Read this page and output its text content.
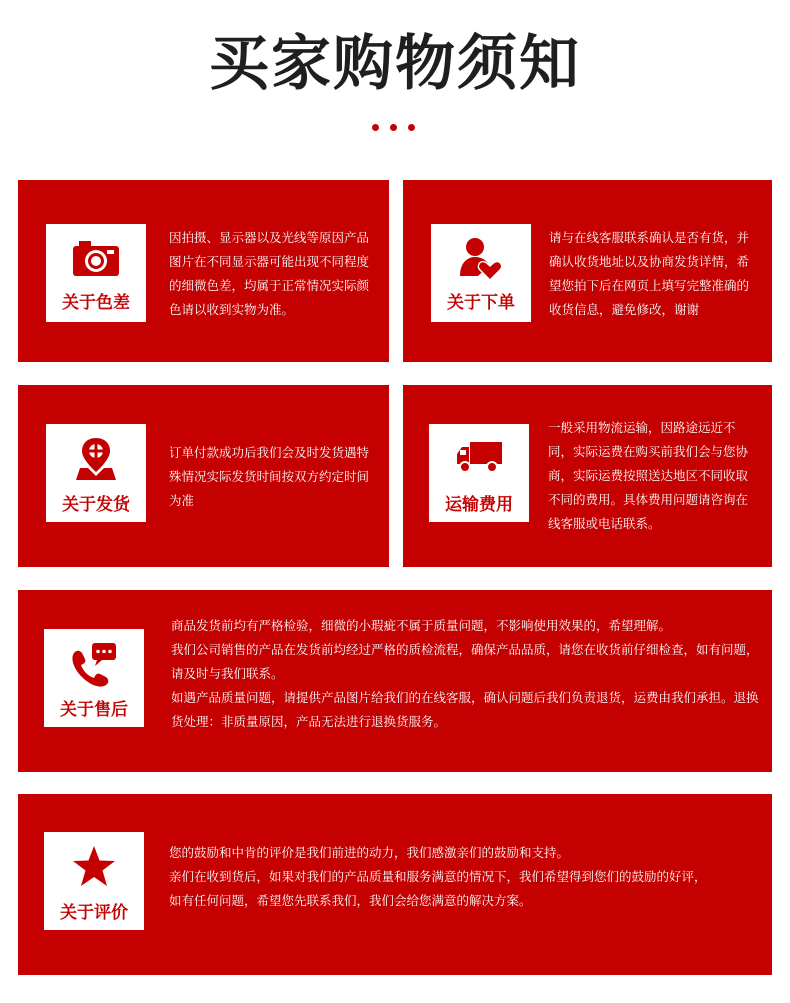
买家购物须知
关于色差
因拍摄、显示器以及光线等原因产品图片在不同显示器可能出现不同程度的细微色差，均属于正常情况实际颜色请以收到实物为准。	关于下单
请与在线客服联系确认是否有货，并确认收货地址以及协商发货详情，希望您拍下后在网页上填写完整准确的收货信息，避免修改，谢谢
关于发货
订单付款成功后我们会及时发货遇特殊情况实际发货时间按双方约定时间为准	运输费用
一般采用物流运输，因路途远近不同，实际运费在购买前我们会与您协商，实际运费按照送达地区不同收取不同的费用。具体费用问题请咨询在线客服或电话联系。
关于售后

商品发货前均有严格检验，细微的小瑕疵不属于质量问题，不影响使用效果的，希望理解。

我们公司销售的产品在发货前均经过严格的质检流程，确保产品品质，请您在收货前仔细检查，如有问题，请及时与我们联系。

如遇产品质量问题，请提供产品图片给我们的在线客服，确认问题后我们负责退货，运费由我们承担。退换货处理：非质量原因，产品无法进行退换货服务。

关于评价

您的鼓励和中肯的评价是我们前进的动力，我们感激亲们的鼓励和支持。

亲们在收到货后，如果对我们的产品质量和服务满意的情况下，我们希望得到您们的鼓励的好评，

如有任何问题，希望您先联系我们，我们会给您满意的解决方案。
